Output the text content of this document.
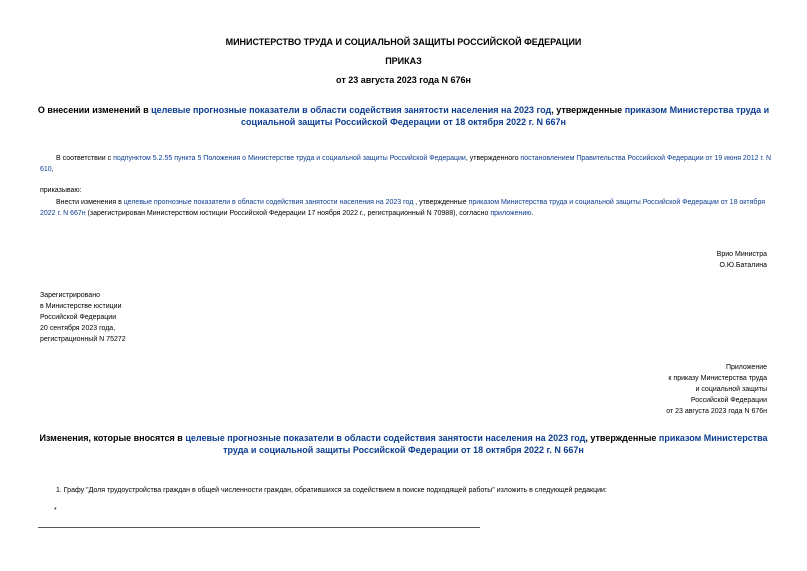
МИНИСТЕРСТВО ТРУДА И СОЦИАЛЬНОЙ ЗАЩИТЫ РОССИЙСКОЙ ФЕДЕРАЦИИ
ПРИКАЗ
от 23 августа 2023 года N 676н
О внесении изменений в целевые прогнозные показатели в области содействия занятости населения на 2023 год, утвержденные приказом Министерства труда и социальной защиты Российской Федерации от 18 октября 2022 г. N 667н
В соответствии с подпунктом 5.2.55 пункта 5 Положения о Министерстве труда и социальной защиты Российской Федерации, утвержденного постановлением Правительства Российской Федерации от 19 июня 2012 г. N 610,
приказываю:
Внести изменения в целевые прогнозные показатели в области содействия занятости населения на 2023 год , утвержденные приказом Министерства труда и социальной защиты Российской Федерации от 18 октября 2022 г. N 667н (зарегистрирован Министерством юстиции Российской Федерации 17 ноября 2022 г., регистрационный N 70988), согласно приложению.
Врио Министра
О.Ю.Баталина
Зарегистрировано
в Министерстве юстиции
Российской Федерации
20 сентября 2023 года,
регистрационный N 75272
Приложение
к приказу Министерства труда
и социальной защиты
Российской Федерации
от 23 августа 2023 года N 676н
Изменения, которые вносятся в целевые прогнозные показатели в области содействия занятости населения на 2023 год, утвержденные приказом Министерства труда и социальной защиты Российской Федерации от 18 октября 2022 г. N 667н
1. Графу "Доля трудоустройства граждан в общей численности граждан, обратившихся за содействием в поиске подходящей работы" изложить в следующей редакции:
*
